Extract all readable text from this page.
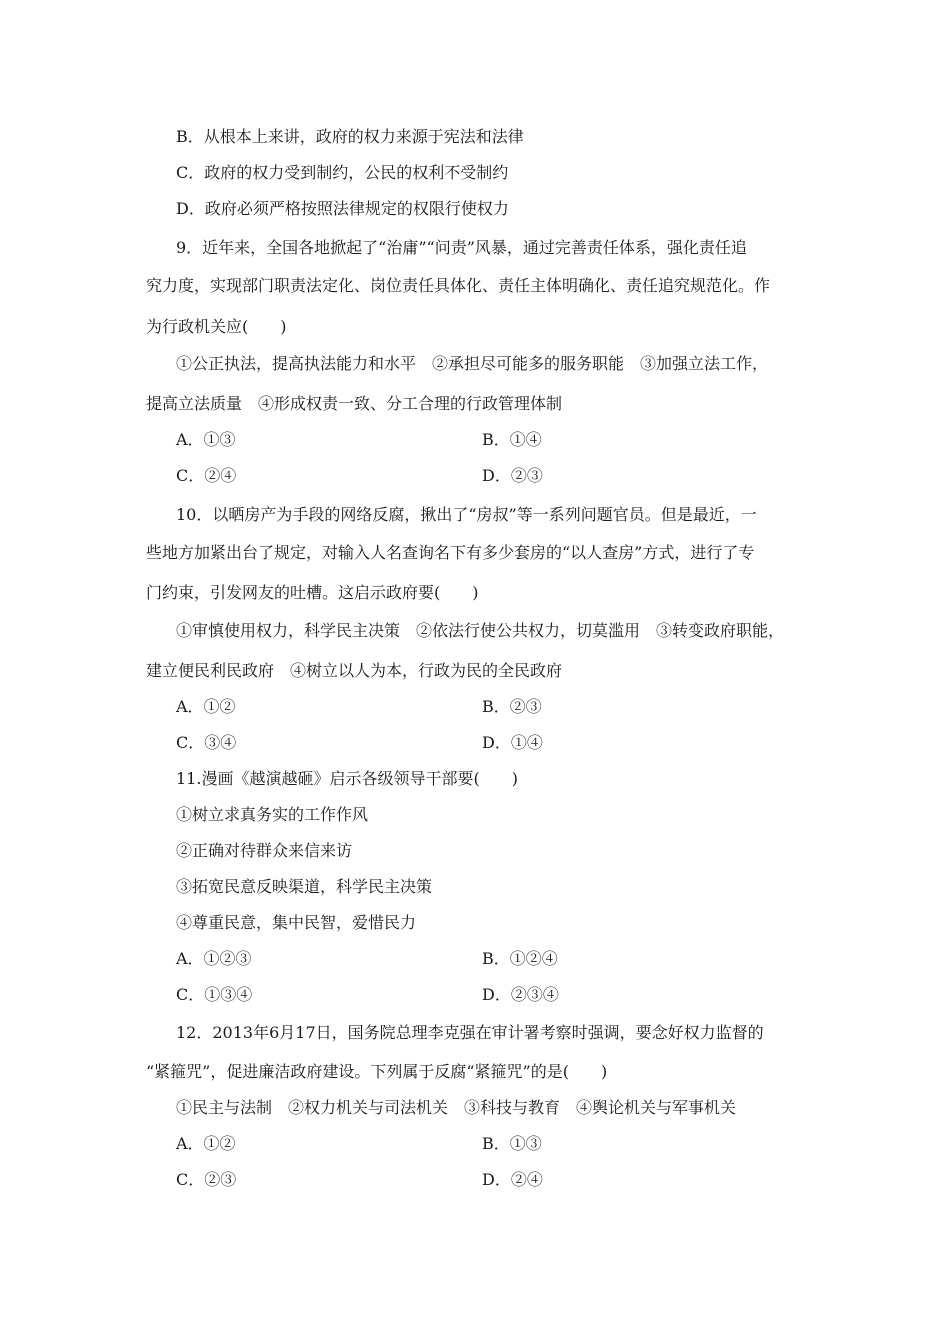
B．从根本上来讲，政府的权力来源于宪法和法律
C．政府的权力受到制约，公民的权利不受制约
D．政府必须严格按照法律规定的权限行使权力
9．近年来，全国各地掀起了“治庸”“问责”风暴，通过完善责任体系，强化责任追
究力度，实现部门职责法定化、岗位责任具体化、责任主体明确化、责任追究规范化。作
为行政机关应(　　)
①公正执法，提高执法能力和水平　②承担尽可能多的服务职能　③加强立法工作，
提高立法质量　④形成权责一致、分工合理的行政管理体制
A．①③	B．①④
C．②④	D．②③
10．以晒房产为手段的网络反腐，揪出了“房叔”等一系列问题官员。但是最近，一
些地方加紧出台了规定，对输入人名查询名下有多少套房的“以人查房”方式，进行了专
门约束，引发网友的吐槽。这启示政府要(　　)
①审慎使用权力，科学民主决策　②依法行使公共权力，切莫滥用　③转变政府职能，
建立便民利民政府　④树立以人为本，行政为民的全民政府
A．①②	B．②③
C．③④	D．①④
11.漫画《越演越砸》启示各级领导干部要(　　)
①树立求真务实的工作作风
②正确对待群众来信来访
③拓宽民意反映渠道，科学民主决策
④尊重民意，集中民智，爱惜民力
A．①②③	B．①②④
C．①③④	D．②③④
12．2013年6月17日，国务院总理李克强在审计署考察时强调，要念好权力监督的
“紧箍咒”，促进廉洁政府建设。下列属于反腐“紧箍咒”的是(　　)
①民主与法制　②权力机关与司法机关　③科技与教育　④舆论机关与军事机关
A．①②	B．①③
C．②③	D．②④
